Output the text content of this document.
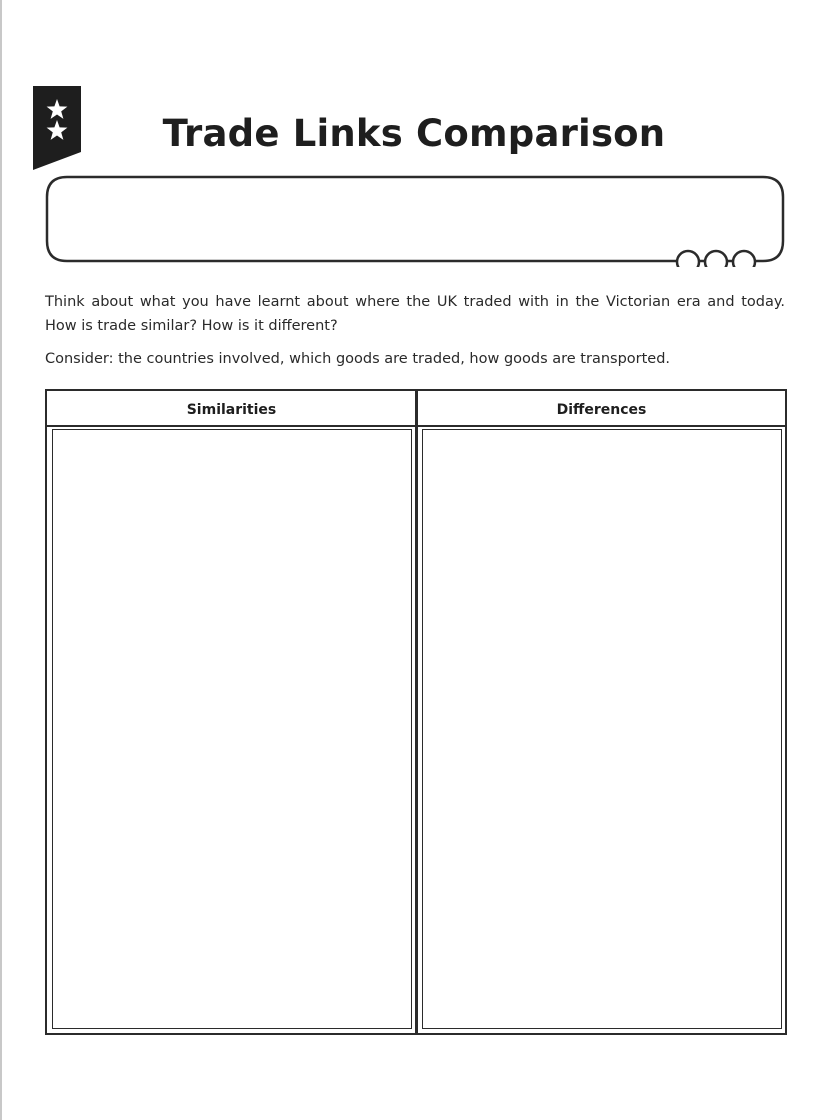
Trade Links Comparison

Think about what you have learnt about where the UK traded with in the Victorian era and today. How is trade similar? How is it different?

Consider: the countries involved, which goods are traded, how goods are transported.

Similarities	Differences
